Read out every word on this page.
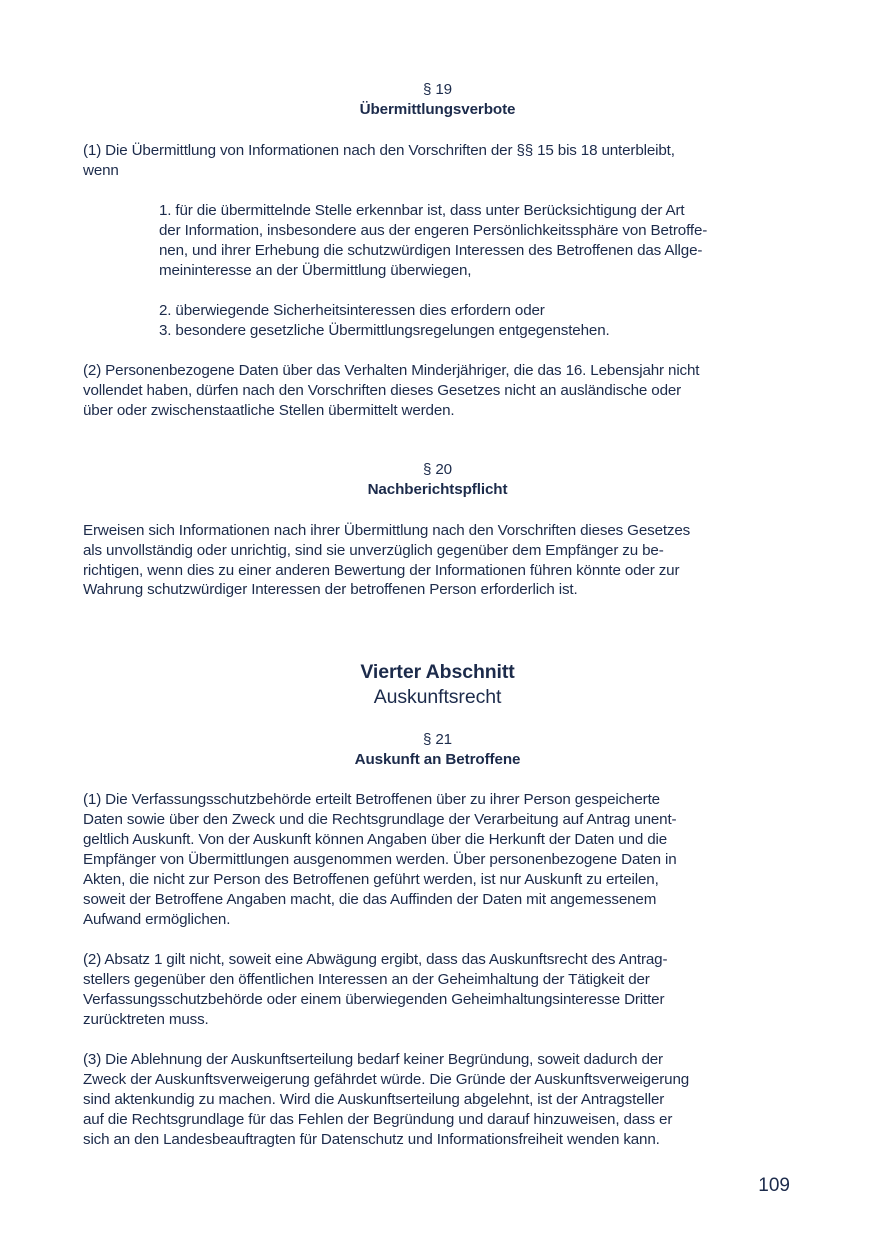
§ 19
Übermittlungsverbote
(1) Die Übermittlung von Informationen nach den Vorschriften der §§ 15 bis 18 unterbleibt,
wenn
1. für die übermittelnde Stelle erkennbar ist, dass unter Berücksichtigung der Art
der Information, insbesondere aus der engeren Persönlichkeitssphäre von Betroffe-
nen, und ihrer Erhebung die schutzwürdigen Interessen des Betroffenen das Allge-
meininteresse an der Übermittlung überwiegen,
2. überwiegende Sicherheitsinteressen dies erfordern oder
3. besondere gesetzliche Übermittlungsregelungen entgegenstehen.
(2) Personenbezogene Daten über das Verhalten Minderjähriger, die das 16. Lebensjahr nicht
vollendet haben, dürfen nach den Vorschriften dieses Gesetzes nicht an ausländische oder
über oder zwischenstaatliche Stellen übermittelt werden.
§ 20
Nachberichtspflicht
Erweisen sich Informationen nach ihrer Übermittlung nach den Vorschriften dieses Gesetzes
als unvollständig oder unrichtig, sind sie unverzüglich gegenüber dem Empfänger zu be-
richtigen, wenn dies zu einer anderen Bewertung der Informationen führen könnte oder zur
Wahrung schutzwürdiger Interessen der betroffenen Person erforderlich ist.
Vierter Abschnitt
Auskunftsrecht
§ 21
Auskunft an Betroffene
(1) Die Verfassungsschutzbehörde erteilt Betroffenen über zu ihrer Person gespeicherte
Daten sowie über den Zweck und die Rechtsgrundlage der Verarbeitung auf Antrag unent-
geltlich Auskunft. Von der Auskunft können Angaben über die Herkunft der Daten und die
Empfänger von Übermittlungen ausgenommen werden. Über personenbezogene Daten in
Akten, die nicht zur Person des Betroffenen geführt werden, ist nur Auskunft zu erteilen,
soweit der Betroffene Angaben macht, die das Auffinden der Daten mit angemessenem
Aufwand ermöglichen.
(2) Absatz 1 gilt nicht, soweit eine Abwägung ergibt, dass das Auskunftsrecht des Antrag-
stellers gegenüber den öffentlichen Interessen an der Geheimhaltung der Tätigkeit der
Verfassungsschutzbehörde oder einem überwiegenden Geheimhaltungsinteresse Dritter
zurücktreten muss.
(3) Die Ablehnung der Auskunftserteilung bedarf keiner Begründung, soweit dadurch der
Zweck der Auskunftsverweigerung gefährdet würde. Die Gründe der Auskunftsverweigerung
sind aktenkundig zu machen. Wird die Auskunftserteilung abgelehnt, ist der Antragsteller
auf die Rechtsgrundlage für das Fehlen der Begründung und darauf hinzuweisen, dass er
sich an den Landesbeauftragten für Datenschutz und Informationsfreiheit wenden kann.
109
